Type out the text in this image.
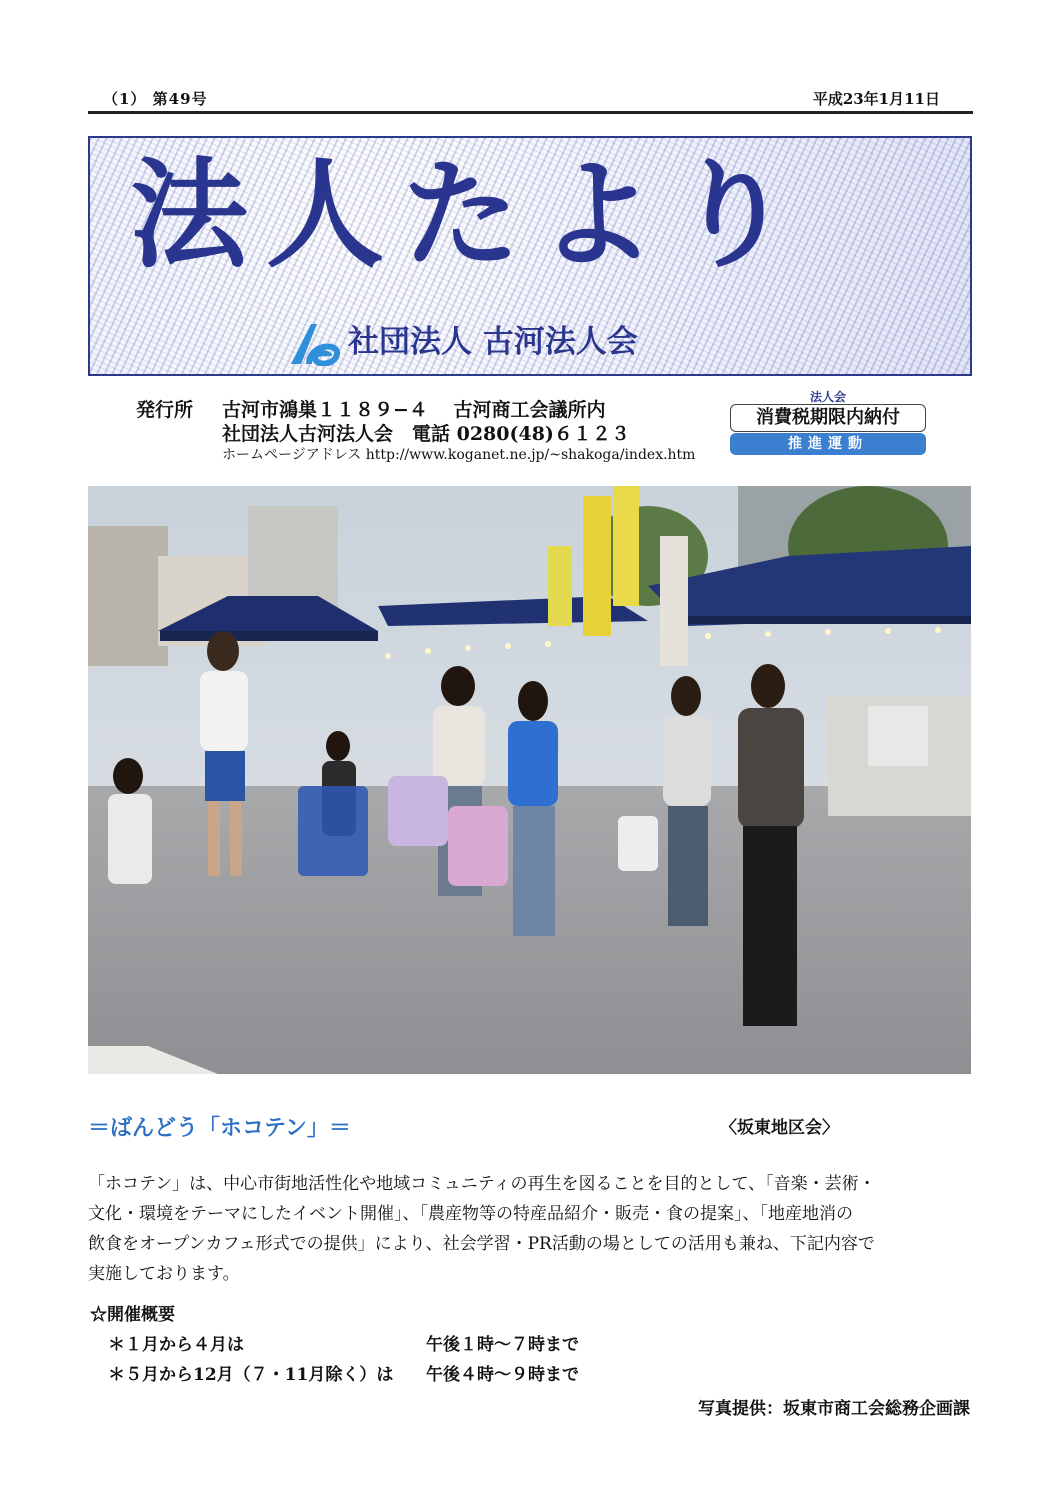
（1） 第49号	平成23年1月11日
法人たより
社団法人 古河法人会
発行所 古河市鴻巣１１８９−４　 古河商工会議所内
社団法人古河法人会　電話 0280(48)６１２３
ホームページアドレス http://www.koganet.ne.jp/~shakoga/index.htm
法人会
消費税期限内納付
推進運動
＝ばんどう「ホコテン」＝	〈坂東地区会〉

「ホコテン」は、中心市街地活性化や地域コミュニティの再生を図ることを目的として、「音楽・芸術・

文化・環境をテーマにしたイベント開催」、「農産物等の特産品紹介・販売・食の提案」、「地産地消の

飲食をオープンカフェ形式での提供」により、社会学習・PR活動の場としての活用も兼ね、下記内容で

実施しております。

☆開催概要
＊１月から４月は	午後１時〜７時まで
＊５月から12月（７・11月除く）は 午後４時〜９時まで
写真提供：坂東市商工会総務企画課
